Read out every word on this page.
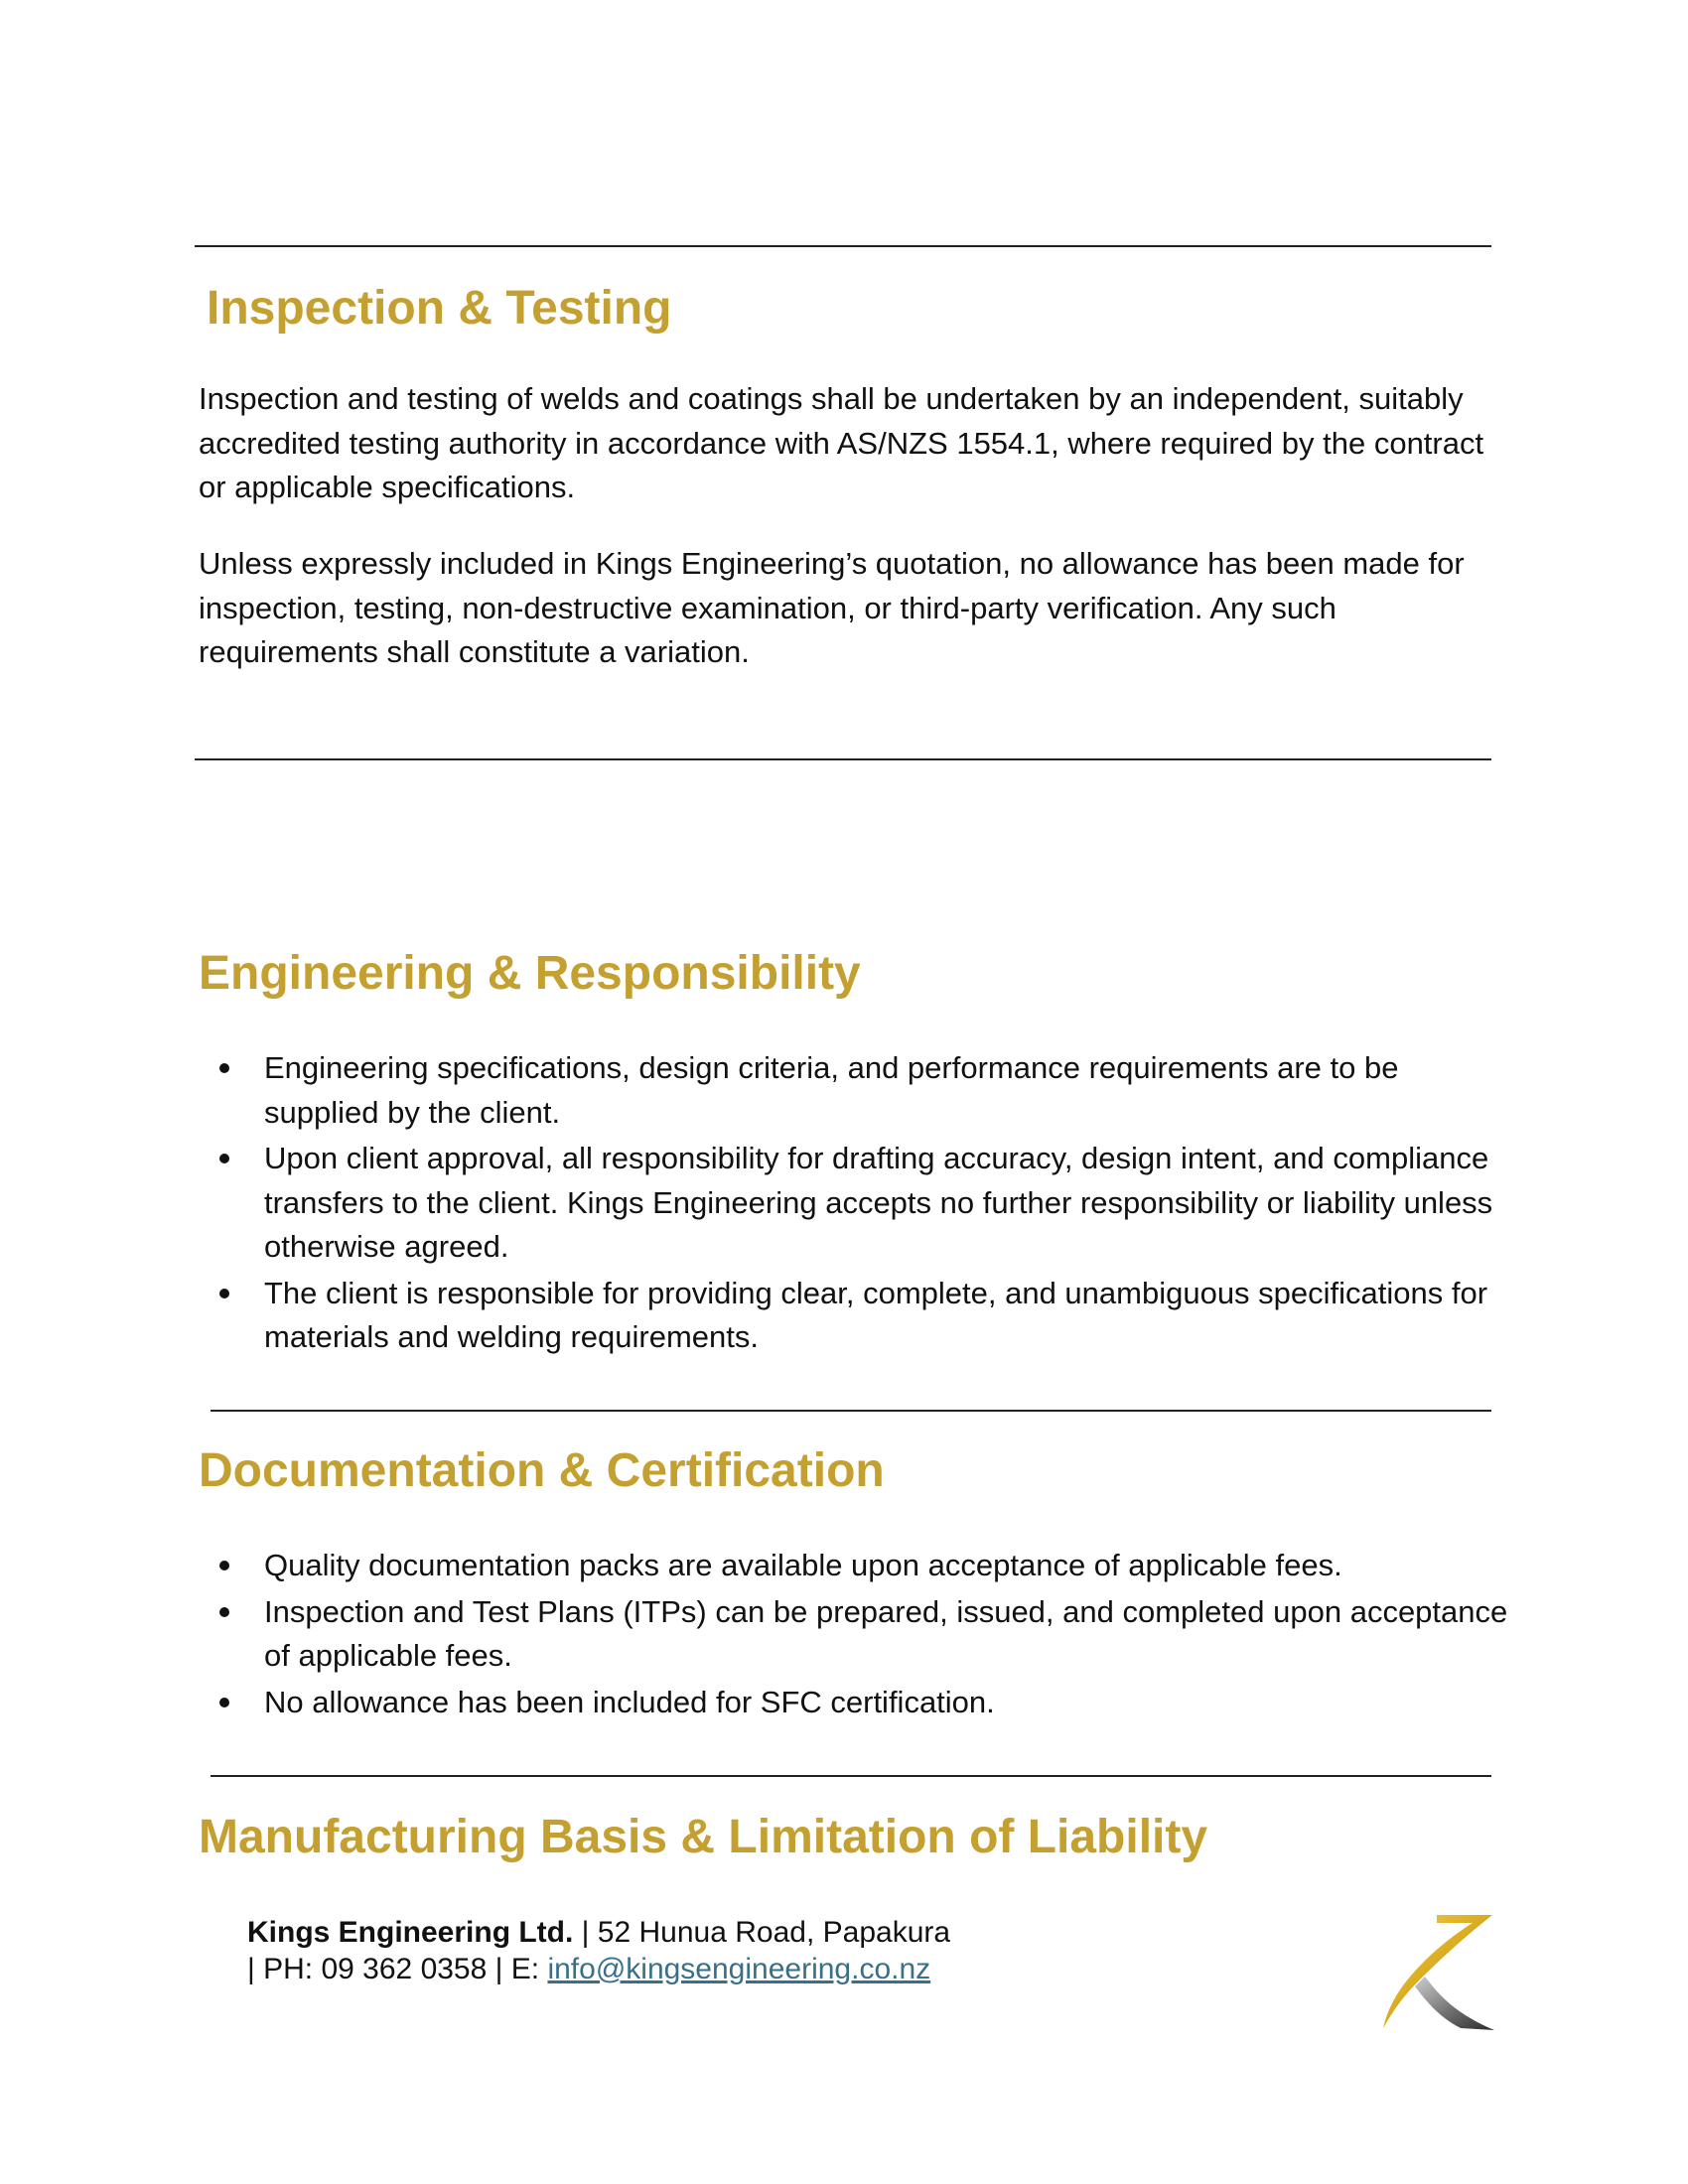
Inspection & Testing

Inspection and testing of welds and coatings shall be undertaken by an independent, suitably accredited testing authority in accordance with AS/NZS 1554.1, where required by the contract or applicable specifications.

Unless expressly included in Kings Engineering’s quotation, no allowance has been made for inspection, testing, non-destructive examination, or third-party verification. Any such requirements shall constitute a variation.

Engineering & Responsibility
Engineering specifications, design criteria, and performance requirements are to be supplied by the client.
Upon client approval, all responsibility for drafting accuracy, design intent, and compliance transfers to the client. Kings Engineering accepts no further responsibility or liability unless otherwise agreed.
The client is responsible for providing clear, complete, and unambiguous specifications for materials and welding requirements.
Documentation & Certification
Quality documentation packs are available upon acceptance of applicable fees.
Inspection and Test Plans (ITPs) can be prepared, issued, and completed upon acceptance of applicable fees.
No allowance has been included for SFC certification.
Manufacturing Basis & Limitation of Liability
Kings Engineering Ltd. | 52 Hunua Road, Papakura
| PH: 09 362 0358 | E: info@kingsengineering.co.nz
